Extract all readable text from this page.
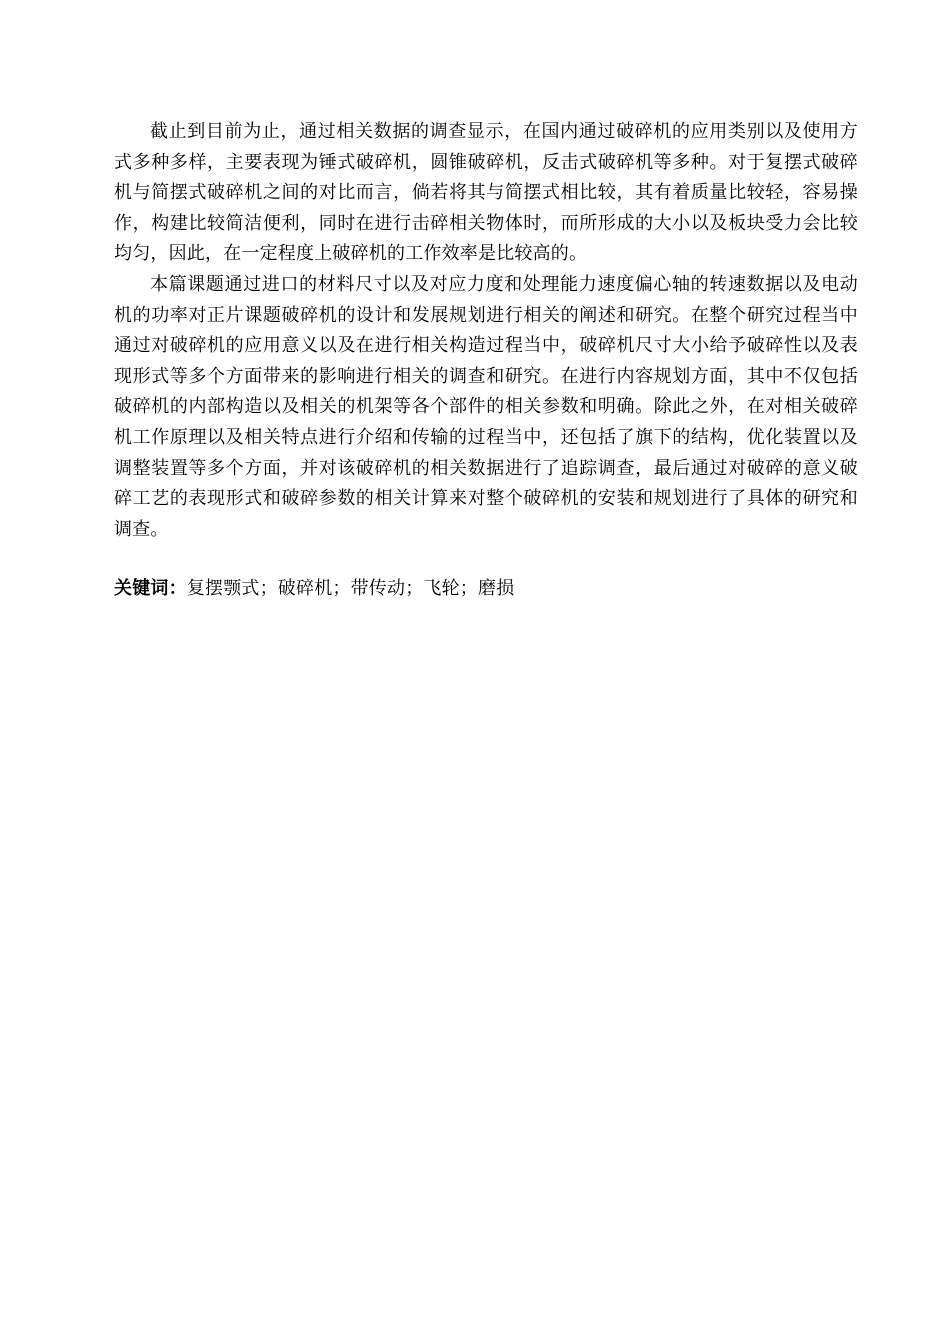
截止到目前为止，通过相关数据的调查显示，在国内通过破碎机的应用类别以及使用方式多种多样，主要表现为锤式破碎机，圆锥破碎机，反击式破碎机等多种。对于复摆式破碎机与简摆式破碎机之间的对比而言，倘若将其与简摆式相比较，其有着质量比较轻，容易操作，构建比较简洁便利，同时在进行击碎相关物体时，而所形成的大小以及板块受力会比较均匀，因此，在一定程度上破碎机的工作效率是比较高的。

本篇课题通过进口的材料尺寸以及对应力度和处理能力速度偏心轴的转速数据以及电动机的功率对正片课题破碎机的设计和发展规划进行相关的阐述和研究。在整个研究过程当中通过对破碎机的应用意义以及在进行相关构造过程当中，破碎机尺寸大小给予破碎性以及表现形式等多个方面带来的影响进行相关的调查和研究。在进行内容规划方面，其中不仅包括破碎机的内部构造以及相关的机架等各个部件的相关参数和明确。除此之外，在对相关破碎机工作原理以及相关特点进行介绍和传输的过程当中，还包括了旗下的结构，优化装置以及调整装置等多个方面，并对该破碎机的相关数据进行了追踪调查，最后通过对破碎的意义破碎工艺的表现形式和破碎参数的相关计算来对整个破碎机的安装和规划进行了具体的研究和调查。

关键词：复摆颚式；破碎机；带传动；飞轮；磨损
